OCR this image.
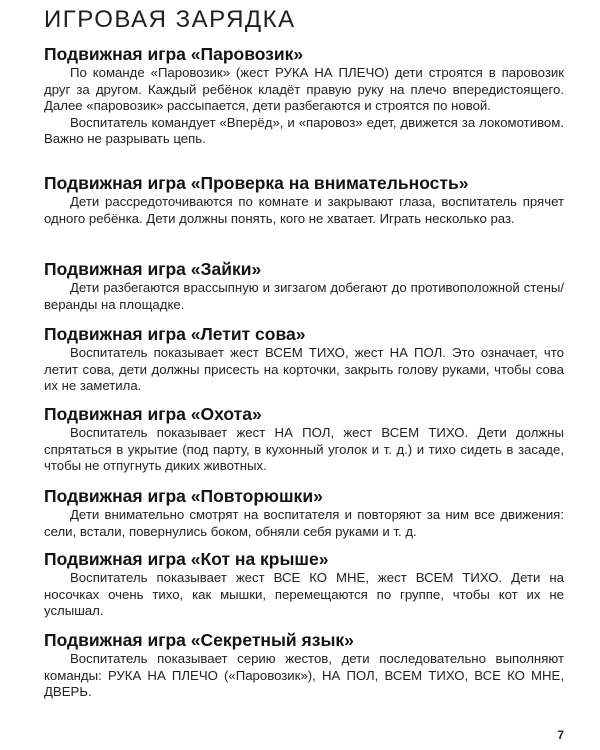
ИГРОВАЯ ЗАРЯДКА
Подвижная игра «Паровозик»

По команде «Паровозик» (жест РУКА НА ПЛЕЧО) дети строятся в паровозик друг за другом. Каждый ребёнок кладёт правую руку на плечо впередистоящего. Далее «паровозик» рассыпается, дети разбегаются и строятся по новой.

Воспитатель командует «Вперёд», и «паровоз» едет, движется за локомотивом. Важно не разрывать цепь.

Подвижная игра «Проверка на внимательность»

Дети рассредоточиваются по комнате и закрывают глаза, воспитатель прячет одного ребёнка. Дети должны понять, кого не хватает. Играть несколько раз.

Подвижная игра «Зайки»

Дети разбегаются врассыпную и зигзагом добегают до противоположной стены/веранды на площадке.

Подвижная игра «Летит сова»

Воспитатель показывает жест ВСЕМ ТИХО, жест НА ПОЛ. Это означает, что летит сова, дети должны присесть на корточки, закрыть голову руками, чтобы сова их не заметила.

Подвижная игра «Охота»

Воспитатель показывает жест НА ПОЛ, жест ВСЕМ ТИХО. Дети должны спрятаться в укрытие (под парту, в кухонный уголок и т. д.) и тихо сидеть в засаде, чтобы не отпугнуть диких животных.

Подвижная игра «Повторюшки»

Дети внимательно смотрят на воспитателя и повторяют за ним все движения: сели, встали, повернулись боком, обняли себя руками и т. д.

Подвижная игра «Кот на крыше»

Воспитатель показывает жест ВСЕ КО МНЕ, жест ВСЕМ ТИХО. Дети на носочках очень тихо, как мышки, перемещаются по группе, чтобы кот их не услышал.

Подвижная игра «Секретный язык»

Воспитатель показывает серию жестов, дети последовательно выполняют команды: РУКА НА ПЛЕЧО («Паровозик»), НА ПОЛ, ВСЕМ ТИХО, ВСЕ КО МНЕ, ДВЕРЬ.

7
